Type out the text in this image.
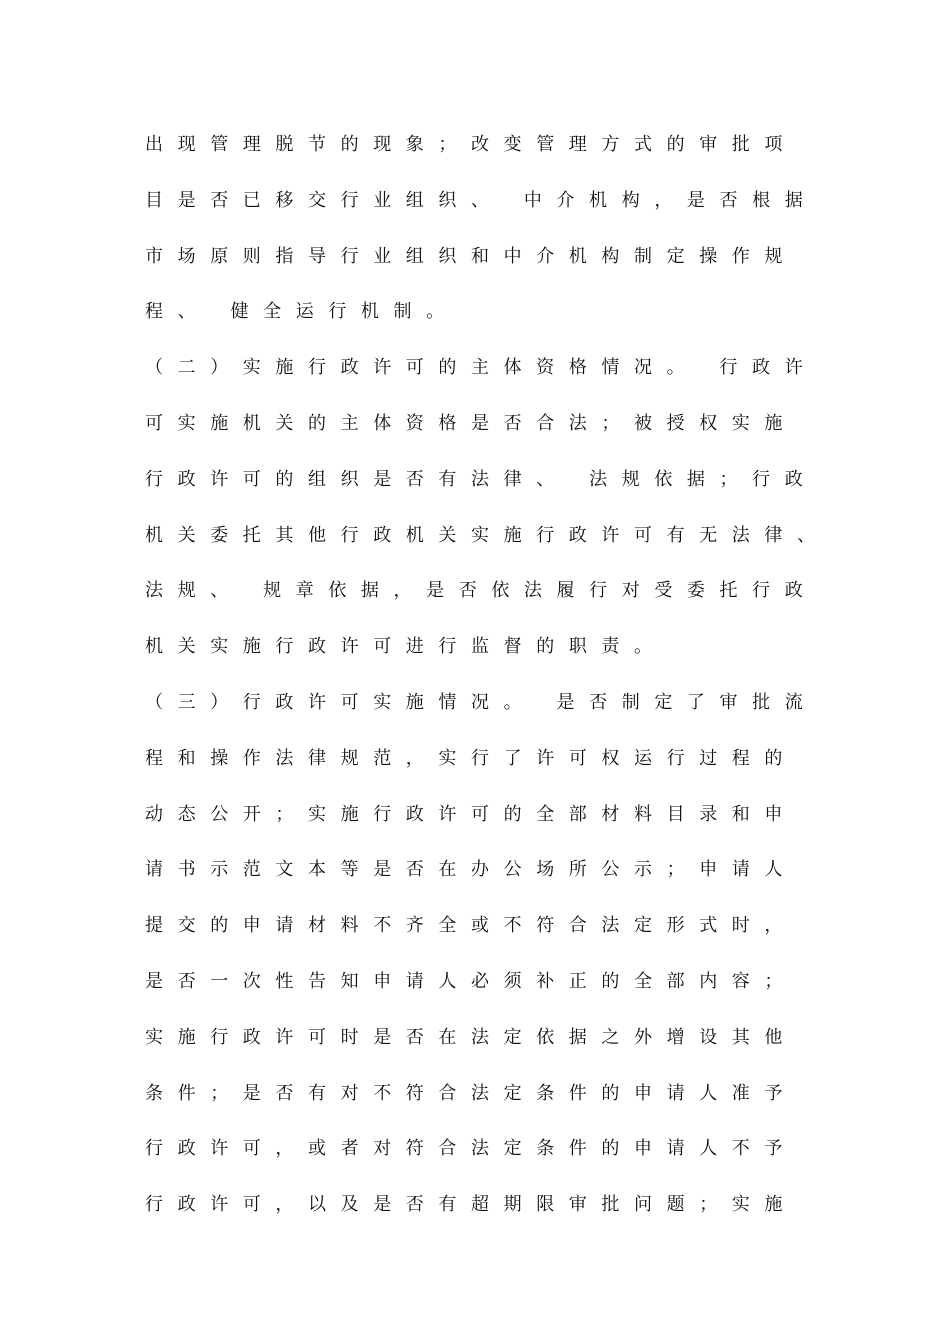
出现管理脱节的现象；改变管理方式的审批项
目是否已移交行业组织、 中介机构，是否根据
市场原则指导行业组织和中介机构制定操作规
程、 健全运行机制。
（二）实施行政许可的主体资格情况。 行政许
可实施机关的主体资格是否合法；被授权实施
行政许可的组织是否有法律、 法规依据；行政
机关委托其他行政机关实施行政许可有无法律、
法规、 规章依据，是否依法履行对受委托行政
机关实施行政许可进行监督的职责。
（三）行政许可实施情况。 是否制定了审批流
程和操作法律规范，实行了许可权运行过程的
动态公开；实施行政许可的全部材料目录和申
请书示范文本等是否在办公场所公示；申请人
提交的申请材料不齐全或不符合法定形式时，
是否一次性告知申请人必须补正的全部内容；
实施行政许可时是否在法定依据之外增设其他
条件；是否有对不符合法定条件的申请人准予
行政许可，或者对符合法定条件的申请人不予
行政许可，以及是否有超期限审批问题；实施
